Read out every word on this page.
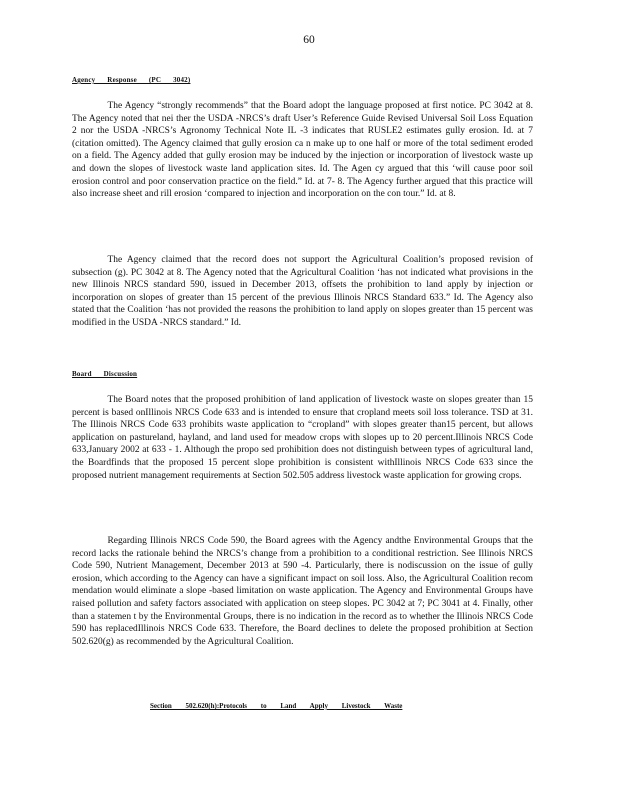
60
Agency Response (PC 3042)
The Agency “strongly recommends” that the Board adopt the language proposed at first notice. PC 3042 at 8. The Agency noted that nei ther the USDA -NRCS’s draft User’s Reference Guide Revised Universal Soil Loss Equation 2 nor the USDA -NRCS’s Agronomy Technical Note IL -3 indicates that RUSLE2 estimates gully erosion. Id. at 7 (citation omitted). The Agency claimed that gully erosion ca n make up to one half or more of the total sediment eroded on a field. The Agency added that gully erosion may be induced by the injection or incorporation of livestock waste up and down the slopes of livestock waste land application sites. Id. The Agen cy argued that this ‘will cause poor soil erosion control and poor conservation practice on the field.” Id. at 7- 8. The Agency further argued that this practice will also increase sheet and rill erosion ‘compared to injection and incorporation on the con tour.” Id. at 8.
The Agency claimed that the record does not support the Agricultural Coalition’s proposed revision of subsection (g). PC 3042 at 8. The Agency noted that the Agricultural Coalition ‘has not indicated what provisions in the new Illinois NRCS standard 590, issued in December 2013, offsets the prohibition to land apply by injection or incorporation on slopes of greater than 15 percent of the previous Illinois NRCS Standard 633.” Id. The Agency also stated that the Coalition ‘has not provided the reasons the prohibition to land apply on slopes greater than 15 percent was modified in the USDA -NRCS standard.” Id.
Board Discussion
The Board notes that the proposed prohibition of land application of livestock waste on slopes greater than 15 percent is based onIllinois NRCS Code 633 and is intended to ensure that cropland meets soil loss tolerance. TSD at 31. The Illinois NRCS Code 633 prohibits waste application to “cropland” with slopes greater than15 percent, but allows application on pastureland, hayland, and land used for meadow crops with slopes up to 20 percent.Illinois NRCS Code 633,January 2002 at 633 - 1. Although the propo sed prohibition does not distinguish between types of agricultural land, the Boardfinds that the proposed 15 percent slope prohibition is consistent withIllinois NRCS Code 633 since the proposed nutrient management requirements at Section 502.505 address livestock waste application for growing crops.
Regarding Illinois NRCS Code 590, the Board agrees with the Agency andthe Environmental Groups that the record lacks the rationale behind the NRCS’s change from a prohibition to a conditional restriction. See Illinois NRCS Code 590, Nutrient Management, December 2013 at 590 -4. Particularly, there is nodiscussion on the issue of gully erosion, which according to the Agency can have a significant impact on soil loss. Also, the Agricultural Coalition recom mendation would eliminate a slope -based limitation on waste application. The Agency and Environmental Groups have raised pollution and safety factors associated with application on steep slopes. PC 3042 at 7; PC 3041 at 4. Finally, other than a statemen t by the Environmental Groups, there is no indication in the record as to whether the Illinois NRCS Code 590 has replacedIllinois NRCS Code 633. Therefore, the Board declines to delete the proposed prohibition at Section 502.620(g) as recommended by the Agricultural Coalition.
Section 502.620(h):Protocols to Land Apply Livestock Waste
